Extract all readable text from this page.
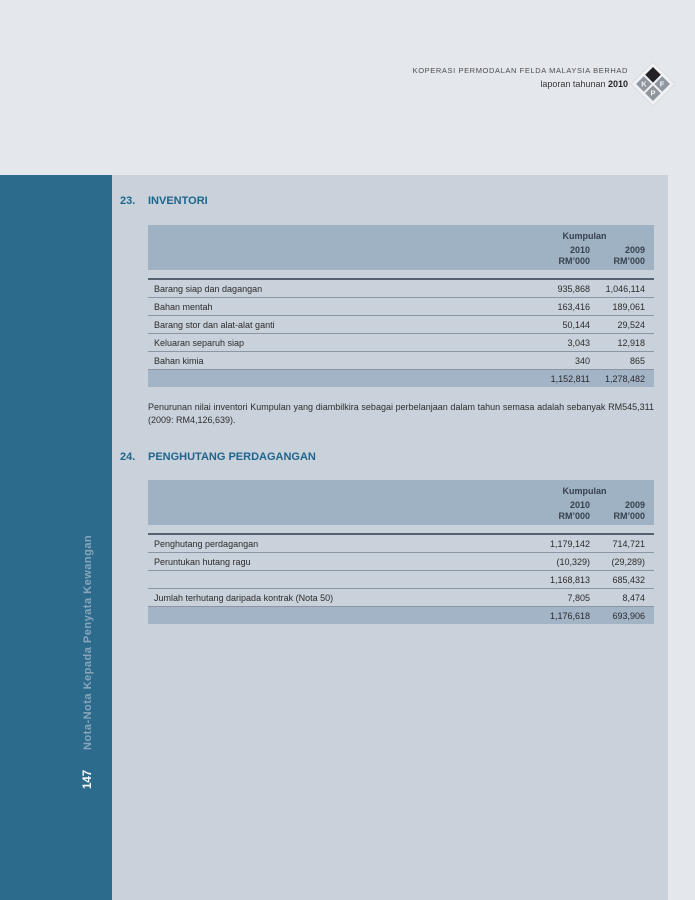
KOPERASI PERMODALAN FELDA MALAYSIA BERHAD
laporan tahunan 2010	F
K
P
Nota-Nota Kepada Penyata Kewangan
147
23.	INVENTORI
Kumpulan
2010
RM’000
2009
RM’000
Barang siap dan dagangan	935,868	1,046,114
Bahan mentah	163,416	189,061
Barang stor dan alat-alat ganti	50,144	29,524
Keluaran separuh siap	3,043	12,918
Bahan kimia	340	865
1,152,811	1,278,482
Penurunan nilai inventori Kumpulan yang diambilkira sebagai perbelanjaan dalam tahun semasa adalah sebanyak RM545,311 (2009: RM4,126,639).
24.	PENGHUTANG PERDAGANGAN
Kumpulan
2010
RM’000
2009
RM’000
Penghutang perdagangan	1,179,142	714,721
Peruntukan hutang ragu	(10,329)	(29,289)
1,168,813	685,432
Jumlah terhutang daripada kontrak (Nota 50)	7,805	8,474
1,176,618	693,906
